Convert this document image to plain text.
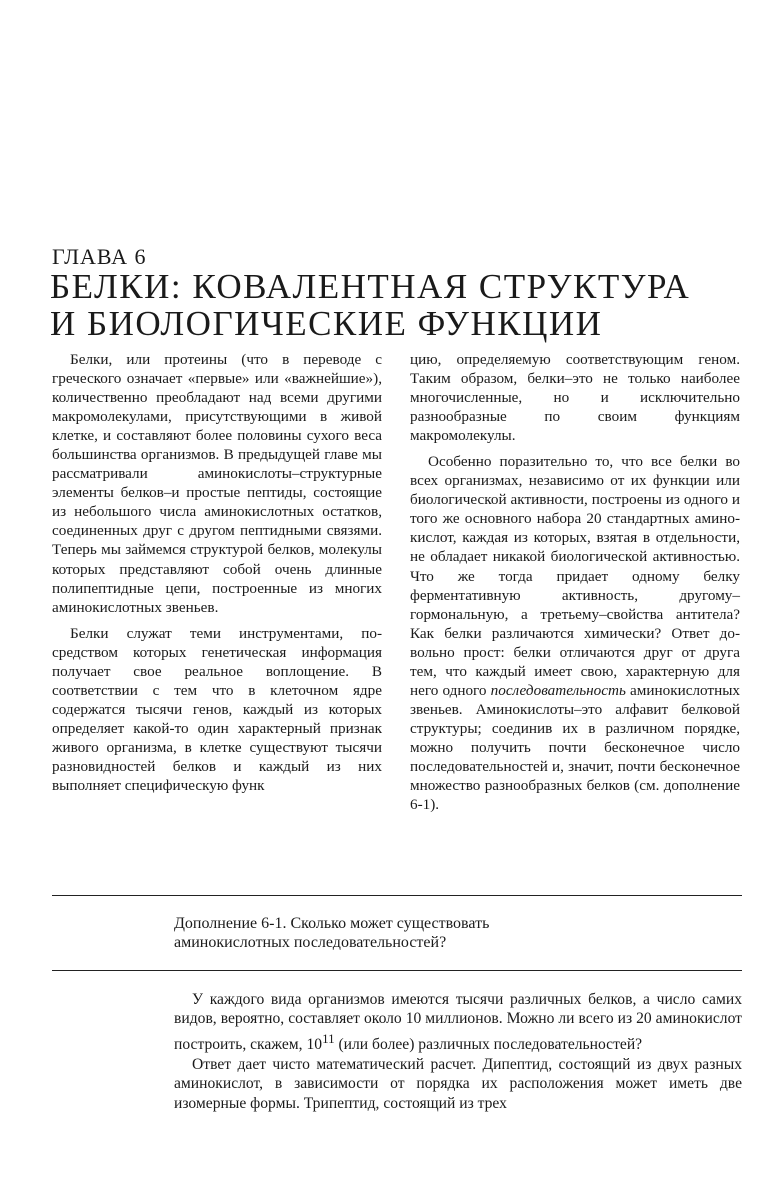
ГЛАВА 6
БЕЛКИ: КОВАЛЕНТНАЯ СТРУКТУРА
И БИОЛОГИЧЕСКИЕ ФУНКЦИИ

Белки, или протеины (что в переводе с греческого означает «первые» или «важнейшие»), количественно преобладают над всеми другими макромолекулами, присутствующими в живой клетке, и составляют более половины сухого веса большинства организмов. В предыдущей главе мы рассматривали аминокислоты–структурные элементы белков–и простые пептиды, состоящие из небольшого числа аминокислотных остатков, соединенных друг с другом пептидными связями. Теперь мы займемся структурой белков, молекулы которых представляют собой очень длинные полипептидные цепи, построенные из многих аминокислотных звеньев.

Белки служат теми инструментами, посредством которых генетическая информация получает свое реальное воплощение. В соответствии с тем что в клеточном ядре содержатся тысячи генов, каждый из которых определяет какой-то один характерный признак живого организма, в клетке существуют тысячи разновидностей белков и каждый из них выполняет специфическую функ

цию, определяемую соответствующим геном. Таким образом, белки–это не только наиболее многочисленные, но и исключительно разнообразные по своим функциям макромолекулы.

Особенно поразительно то, что все белки во всех организмах, независимо от их функции или биологической активности, построены из одного и того же основного набора 20 стандартных аминокислот, каждая из которых, взятая в отдельности, не обладает никакой биологической активностью. Что же тогда придает одному белку ферментативную активность, другому–гормональную, а третьему–свойства антитела? Как белки различаются химически? Ответ довольно прост: белки отличаются друг от друга тем, что каждый имеет свою, характерную для него одного последовательность аминокислотных звеньев. Аминокислоты–это алфавит белковой структуры; соединив их в различном порядке, можно получить почти бесконечное число последовательностей и, значит, почти бесконечное множество разнообразных белков (см. дополнение 6-1).

Дополнение 6-1. Сколько может существовать
аминокислотных последовательностей?

У каждого вида организмов имеются тысячи различных белков, а число самих видов, вероятно, составляет около 10 миллионов. Можно ли всего из 20 аминокислот построить, скажем, $10^{11}$ (или более) различных последовательностей?

Ответ дает чисто математический расчет. Дипептид, состоящий из двух разных аминокислот, в зависимости от порядка их расположения может иметь две изомерные формы. Трипептид, состоящий из трех
